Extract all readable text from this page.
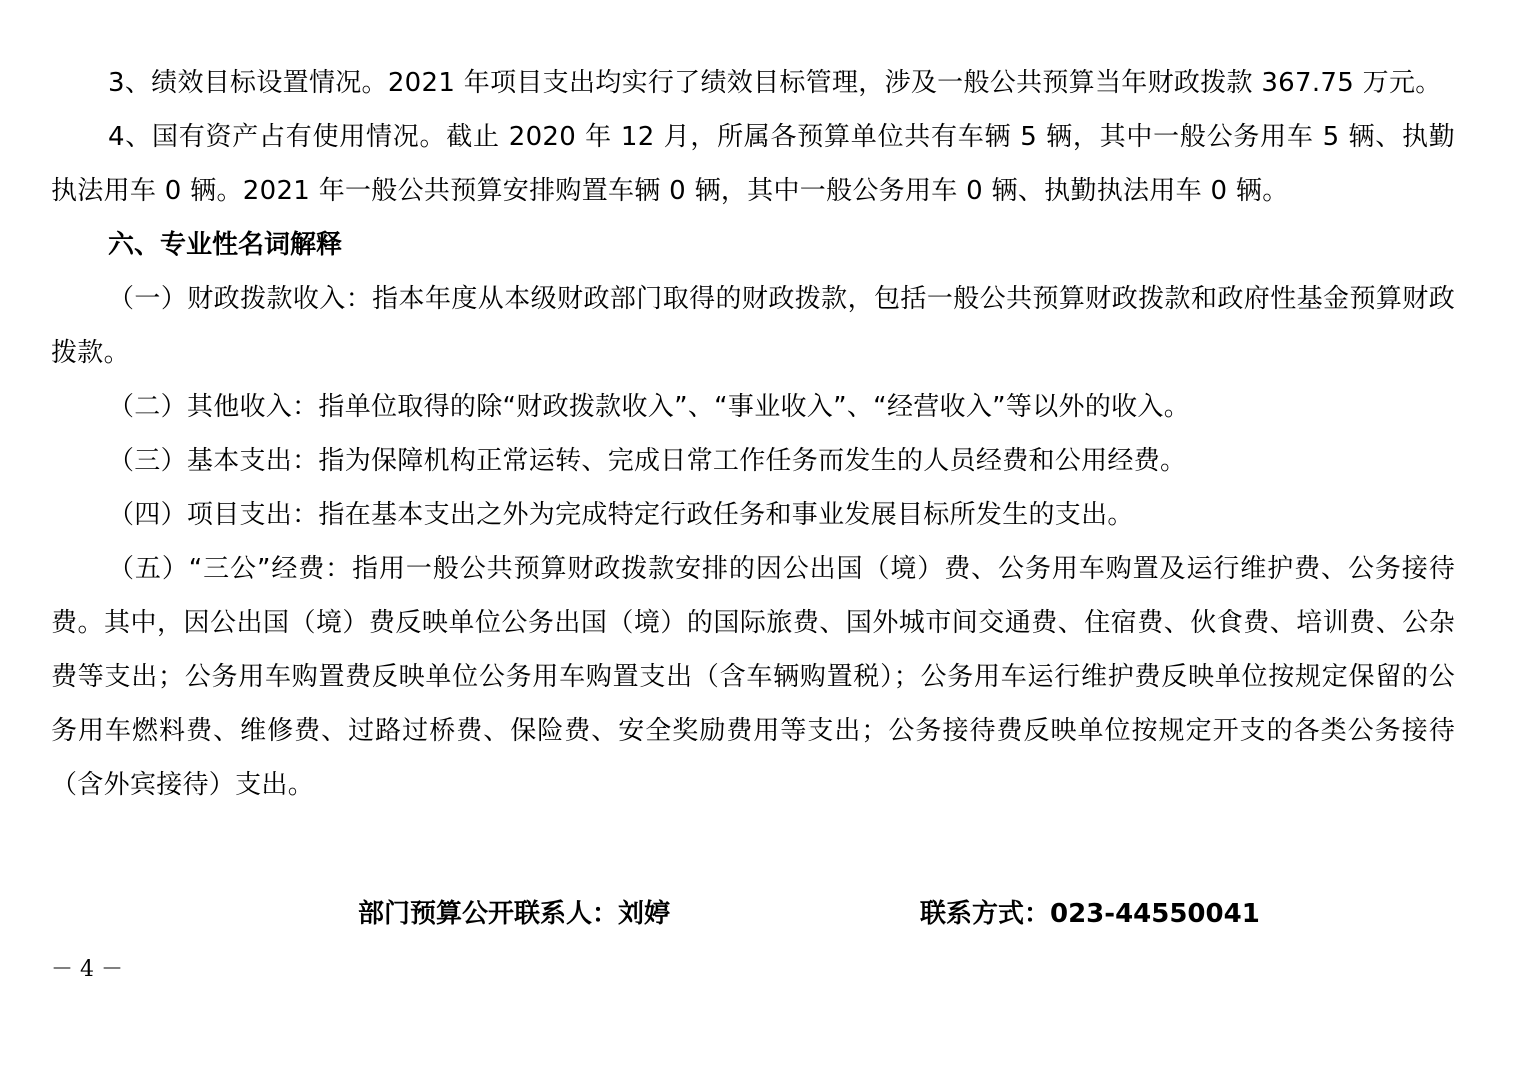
3、绩效目标设置情况。2021 年项目支出均实行了绩效目标管理，涉及一般公共预算当年财政拨款 367.75 万元。

4、国有资产占有使用情况。截止 2020 年 12 月，所属各预算单位共有车辆 5 辆，其中一般公务用车 5 辆、执勤执法用车 0 辆。2021 年一般公共预算安排购置车辆 0 辆，其中一般公务用车 0 辆、执勤执法用车 0 辆。

六、专业性名词解释

（一）财政拨款收入：指本年度从本级财政部门取得的财政拨款，包括一般公共预算财政拨款和政府性基金预算财政拨款。

（二）其他收入：指单位取得的除“财政拨款收入”、“事业收入”、“经营收入”等以外的收入。

（三）基本支出：指为保障机构正常运转、完成日常工作任务而发生的人员经费和公用经费。

（四）项目支出：指在基本支出之外为完成特定行政任务和事业发展目标所发生的支出。

（五）“三公”经费：指用一般公共预算财政拨款安排的因公出国（境）费、公务用车购置及运行维护费、公务接待费。其中，因公出国（境）费反映单位公务出国（境）的国际旅费、国外城市间交通费、住宿费、伙食费、培训费、公杂费等支出；公务用车购置费反映单位公务用车购置支出（含车辆购置税）；公务用车运行维护费反映单位按规定保留的公务用车燃料费、维修费、过路过桥费、保险费、安全奖励费用等支出；公务接待费反映单位按规定开支的各类公务接待（含外宾接待）支出。

部门预算公开联系人：刘婷	联系方式：023-44550041
－ 4 －
